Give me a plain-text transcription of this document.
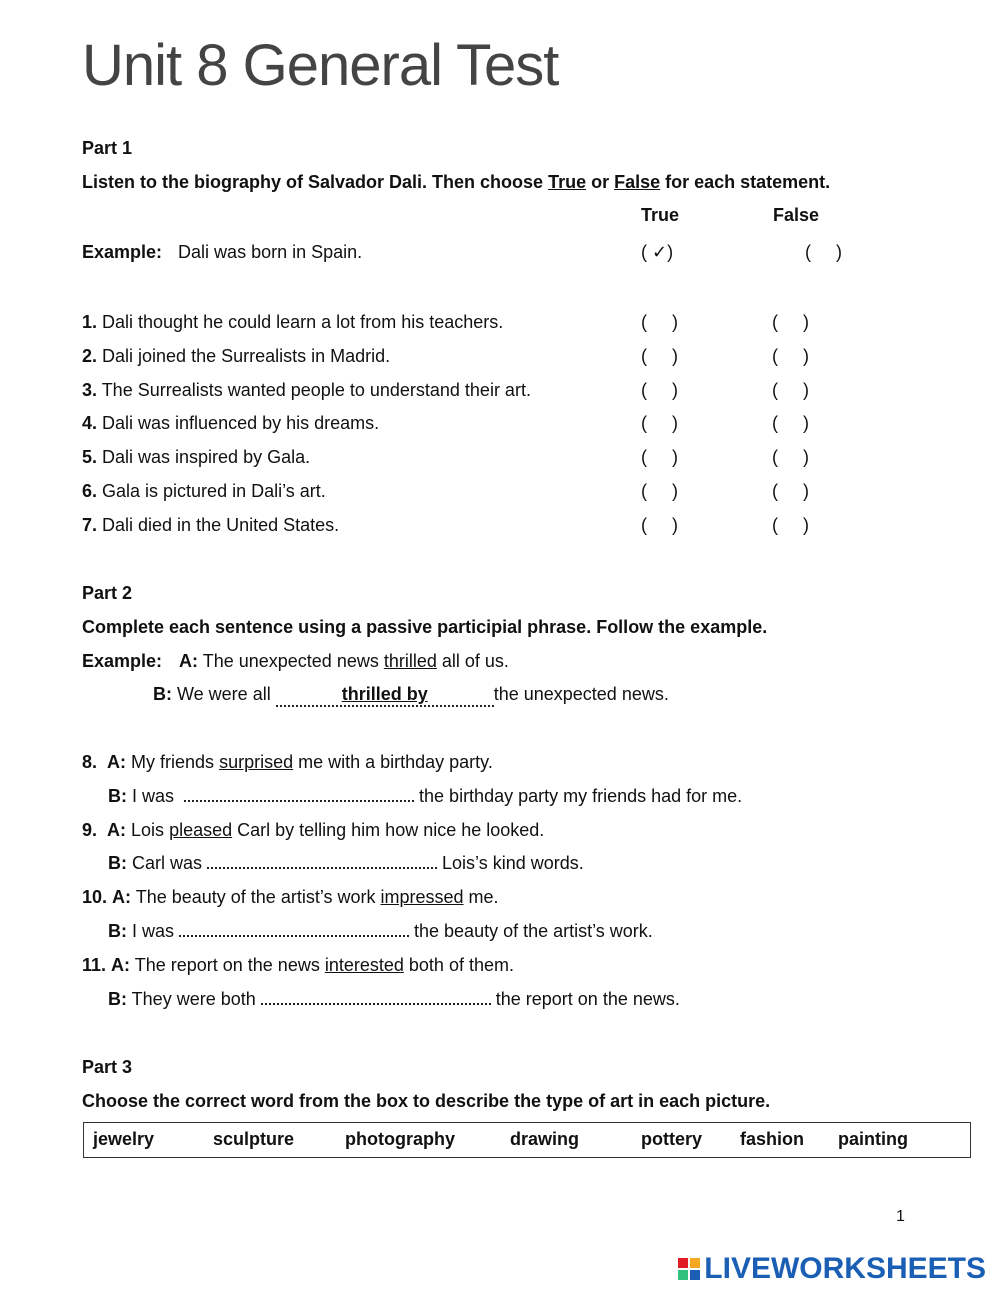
Unit 8 General Test
Part 1
Listen to the biography of Salvador Dali. Then choose True or False for each statement.
True	False
Example: Dali was born in Spain.	( ✓)	(     )
1. Dali thought he could learn a lot from his teachers.	(     )	(     )
2. Dali joined the Surrealists in Madrid.	(     )	(     )
3. The Surrealists wanted people to understand their art.	(     )	(     )
4. Dali was influenced by his dreams.	(     )	(     )
5. Dali was inspired by Gala.	(     )	(     )
6. Gala is pictured in Dali’s art.	(     )	(     )
7. Dali died in the United States.	(     )	(     )
Part 2
Complete each sentence using a passive participial phrase. Follow the example.
Example: A: The unexpected news thrilled all of us.
B: We were all	thrilled by	the unexpected news.
8. A: My friends surprised me with a birthday party.
B: I was	the birthday party my friends had for me.
9. A: Lois pleased Carl by telling him how nice he looked.
B: Carl was	Lois’s kind words.
10. A: The beauty of the artist’s work impressed me.
B: I was	the beauty of the artist’s work.
11. A: The report on the news interested both of them.
B: They were both	the report on the news.
Part 3
Choose the correct word from the box to describe the type of art in each picture.
jewelry	sculpture	photography	drawing	pottery fashion painting
1
LIVEWORKSHEETS
